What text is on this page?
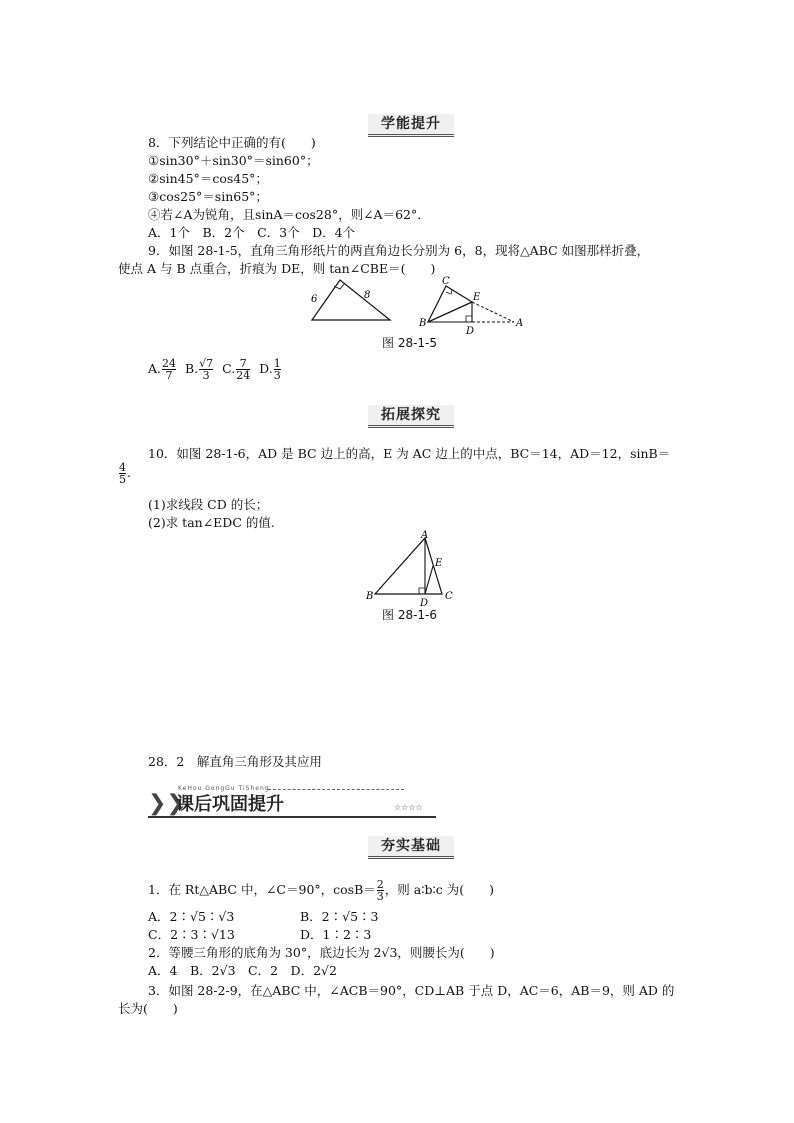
学能提升
8．下列结论中正确的有(　　)
①sin30°＋sin30°＝sin60°；
②sin45°＝cos45°；
③cos25°＝sin65°；
④若∠A为锐角，且sinA＝cos28°，则∠A＝62°．
A．1个　B．2个　C．3个　D．4个
9．如图 28-1-5，直角三角形纸片的两直角边长分别为 6，8，现将△ABC 如图那样折叠，
使点 A 与 B 点重合，折痕为 DE，则 tan∠CBE＝(　　)
6	8
C
E
B
D
A
图 28-1-5
A. $\frac{24}{7} B$. $\frac{√7}{3} C$. $\frac{7}{24} D$. $\frac{1}{3}$
拓展探究
10．如图 28-1-6，AD 是 BC 边上的高，E 为 AC 边上的中点，BC＝14，AD＝12，sinB＝
$\frac{4}{5}$ .
(1)求线段 CD 的长；
(2)求 tan∠EDC 的值.
A
E
B
D
C
图 28-1-6
28．2　解直角三角形及其应用
❯❯
KeHou GongGu TiSheng
课后巩固提升	☆☆☆☆
夯实基础
1．在 Rt△ABC 中，∠C＝90°，$\cos B= \frac{2}{3}$ ，则 a∶b∶c 为(　　)
A．2∶√5∶√3	B．2∶√5∶3
C．2∶3∶√13	D．1∶2∶3
2．等腰三角形的底角为 30°，底边长为 2√3，则腰长为(　　)
A．4　B．2√3　C．2　D．2√2
3．如图 28-2-9，在△ABC 中，∠ACB＝90°，CD⊥AB 于点 D，AC＝6，AB＝9，则 AD 的
长为(　　)
